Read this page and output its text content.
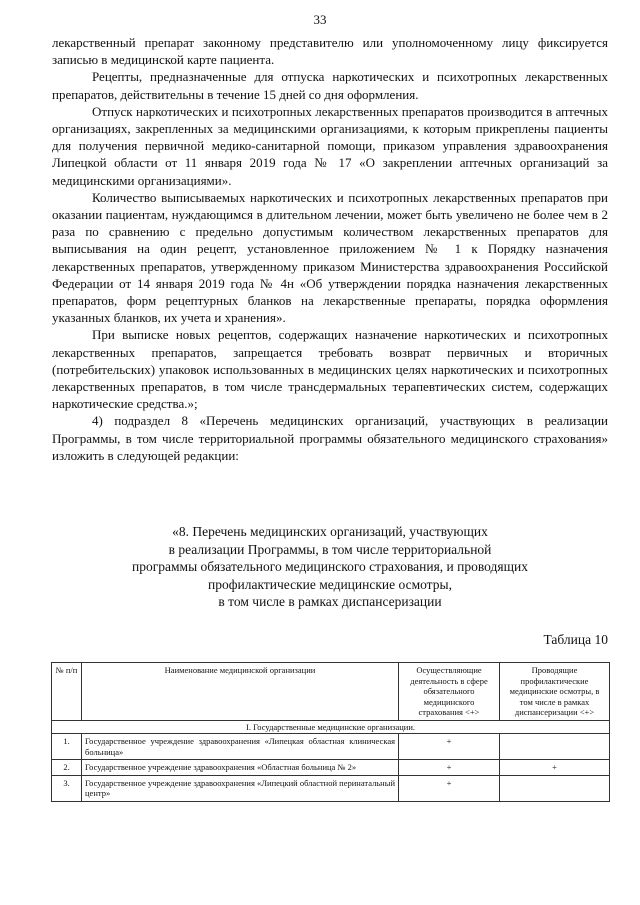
33

лекарственный препарат законному представителю или уполномоченному лицу фиксируется записью в медицинской карте пациента.

Рецепты, предназначенные для отпуска наркотических и психотропных лекарственных препаратов, действительны в течение 15 дней со дня оформления.

Отпуск наркотических и психотропных лекарственных препаратов производится в аптечных организациях, закрепленных за медицинскими организациями, к которым прикреплены пациенты для получения первичной медико-санитарной помощи, приказом управления здравоохранения Липецкой области от 11 января 2019 года № 17 «О закреплении аптечных организаций за медицинскими организациями».

Количество выписываемых наркотических и психотропных лекарственных препаратов при оказании пациентам, нуждающимся в длительном лечении, может быть увеличено не более чем в 2 раза по сравнению с предельно допустимым количеством лекарственных препаратов для выписывания на один рецепт, установленное приложением № 1 к Порядку назначения лекарственных препаратов, утвержденному приказом Министерства здравоохранения Российской Федерации от 14 января 2019 года № 4н «Об утверждении порядка назначения лекарственных препаратов, форм рецептурных бланков на лекарственные препараты, порядка оформления указанных бланков, их учета и хранения».

При выписке новых рецептов, содержащих назначение наркотических и психотропных лекарственных препаратов, запрещается требовать возврат первичных и вторичных (потребительских) упаковок использованных в медицинских целях наркотических и психотропных лекарственных препаратов, в том числе трансдермальных терапевтических систем, содержащих наркотические средства.»;

4) подраздел 8 «Перечень медицинских организаций, участвующих в реализации Программы, в том числе территориальной программы обязательного медицинского страхования» изложить в следующей редакции:

«8. Перечень медицинских организаций, участвующих
в реализации Программы, в том числе территориальной
программы обязательного медицинского страхования, и проводящих
профилактические медицинские осмотры,
в том числе в рамках диспансеризации
Таблица 10
№ п/п	Наименование медицинской организации	Осуществляющие деятельность в сфере обязательного медицинского страхования <+>	Проводящие профилактические медицинские осмотры, в том числе в рамках диспансеризации <+>
I. Государственные медицинские организации.			
1.	Государственное учреждение здравоохранения «Липецкая областная клиническая больница»	+	
2.	Государственное учреждение здравоохранения «Областная больница № 2»	+	+
3.	Государственное учреждение здравоохранения «Липецкий областной перинатальный центр»	+	
